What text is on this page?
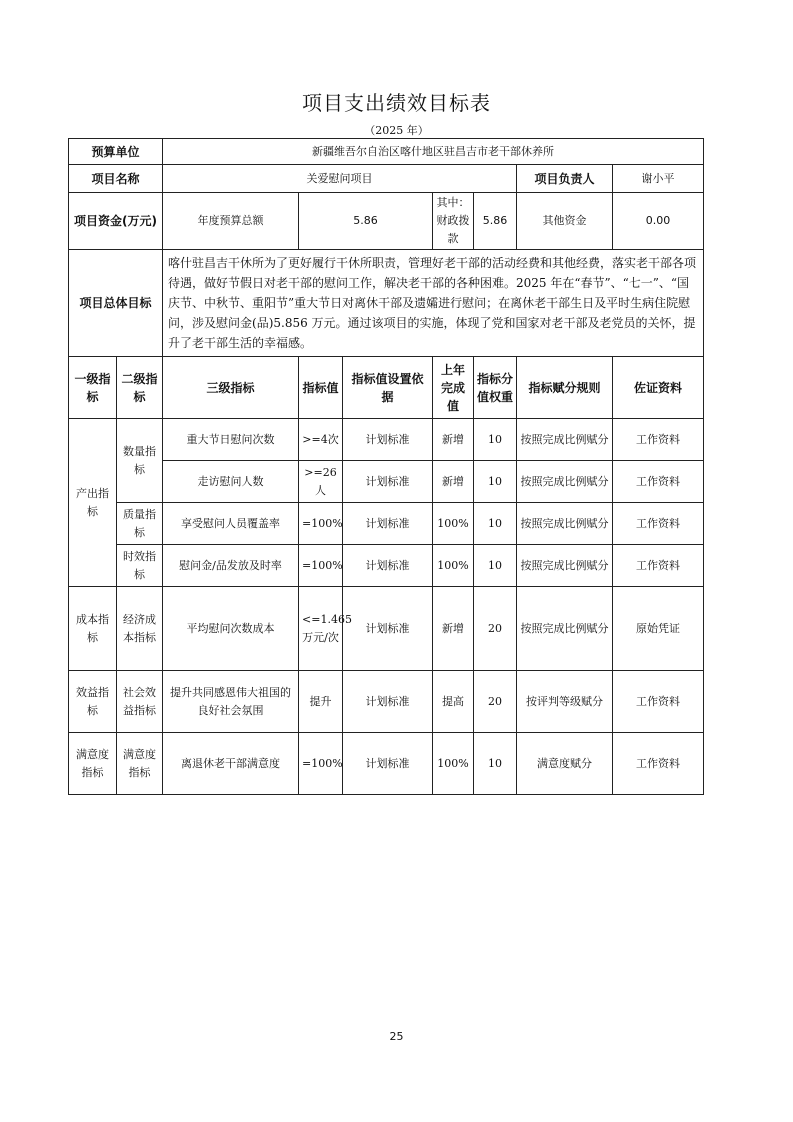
项目支出绩效目标表
（2025 年）
预算单位		新疆维吾尔自治区喀什地区驻昌吉市老干部休养所						
项目名称		关爱慰问项目					项目负责人	谢小平
项目资金(万元)		年度预算总额	5.86		其中：财政拨款	5.86	其他资金	0.00
项目总体目标		喀什驻昌吉干休所为了更好履行干休所职责，管理好老干部的活动经费和其他经费，落实老干部各项待遇，做好节假日对老干部的慰问工作，解决老干部的各种困难。2025 年在“春节”、“七一”、“国庆节、中秋节、重阳节”重大节日对离休干部及遗孀进行慰问；在离休老干部生日及平时生病住院慰问，涉及慰问金(品)5.856 万元。通过该项目的实施，体现了党和国家对老干部及老党员的关怀，提升了老干部生活的幸福感。						
一级指标	二级指标	三级指标	指标值	指标值设置依据	上年完成值	指标分值权重	指标赋分规则	佐证资料
产出指标	数量指标	重大节日慰问次数	>=4次	计划标准	新增	10	按照完成比例赋分	工作资料
		走访慰问人数	>=26人	计划标准	新增	10	按照完成比例赋分	工作资料
	质量指标	享受慰问人员覆盖率	=100%	计划标准	100%	10	按照完成比例赋分	工作资料
	时效指标	慰问金/品发放及时率	=100%	计划标准	100%	10	按照完成比例赋分	工作资料
成本指标	经济成本指标	平均慰问次数成本	<=1.465万元/次	计划标准	新增	20	按照完成比例赋分	原始凭证
效益指标	社会效益指标	提升共同感恩伟大祖国的良好社会氛围	提升	计划标准	提高	20	按评判等级赋分	工作资料
满意度指标	满意度指标	离退休老干部满意度	=100%	计划标准	100%	10	满意度赋分	工作资料
25
